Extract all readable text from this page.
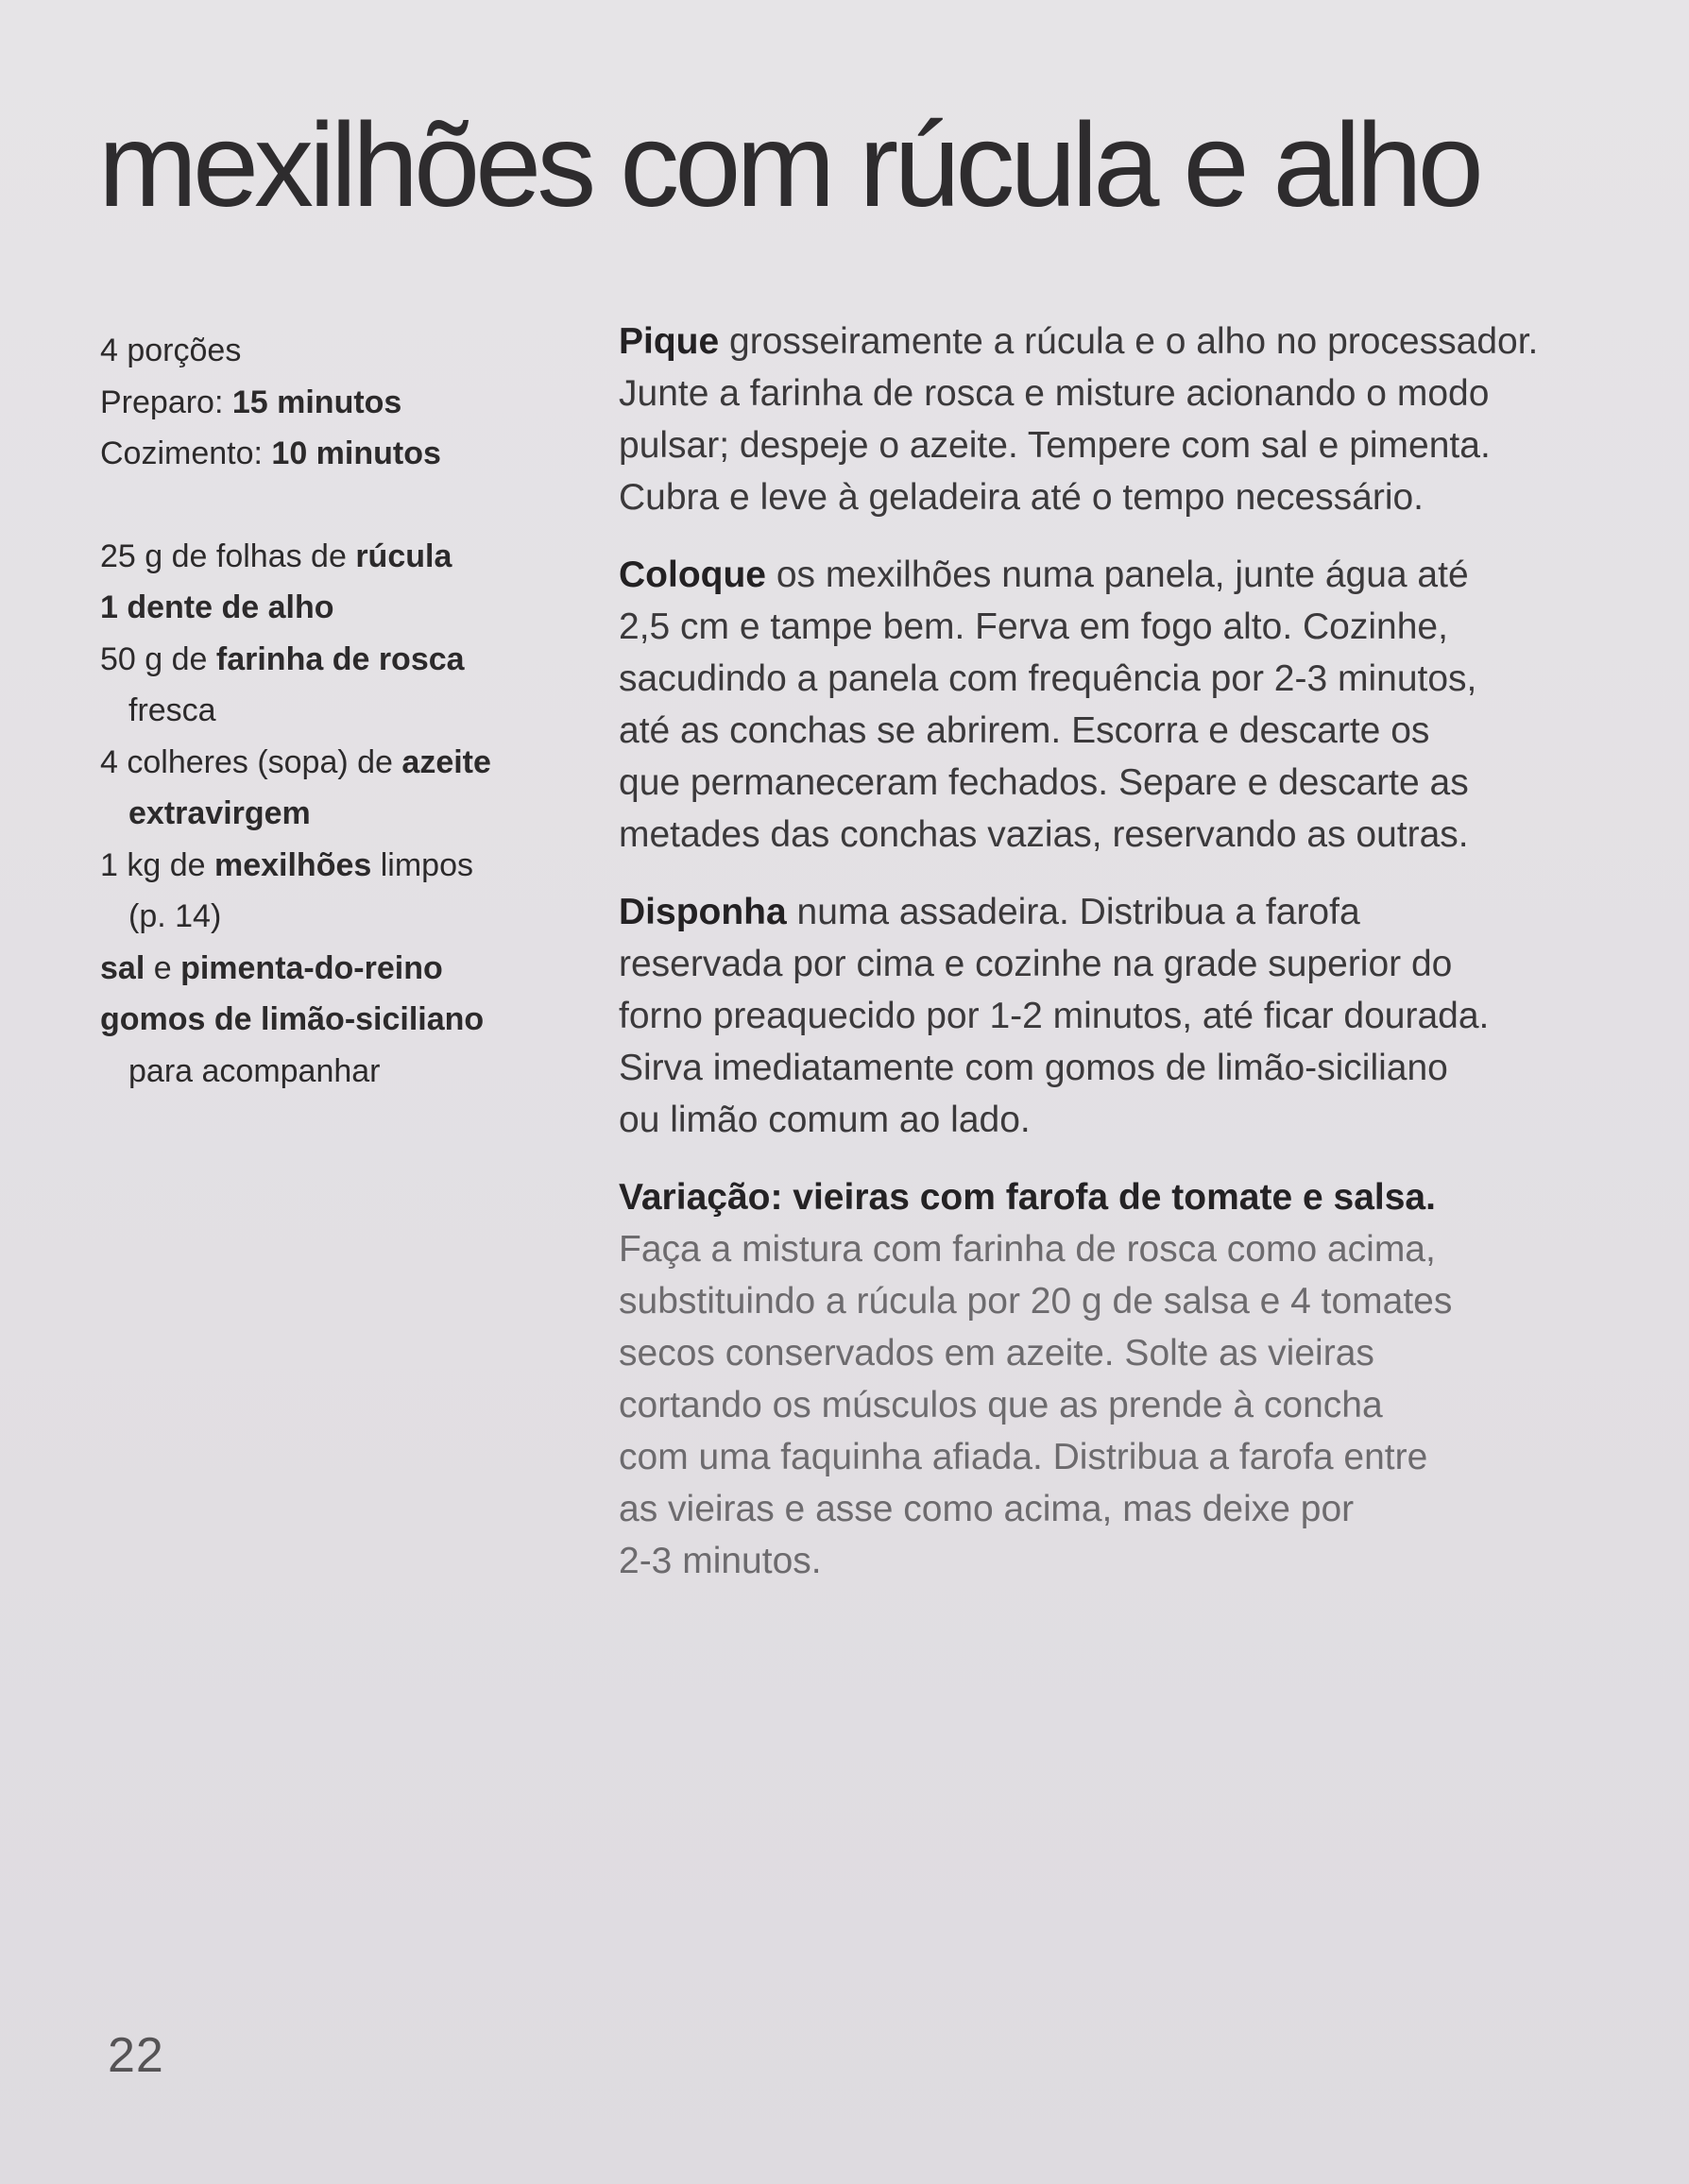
mexilhões com rúcula e alho
4 porções
Preparo: 15 minutos
Cozimento: 10 minutos
25 g de folhas de rúcula
1 dente de alho
50 g de farinha de rosca
fresca
4 colheres (sopa) de azeite
extravirgem
1 kg de mexilhões limpos
(p. 14)
sal e pimenta-do-reino
gomos de limão-siciliano
para acompanhar

Pique grosseiramente a rúcula e o alho no processador.
Junte a farinha de rosca e misture acionando o modo
pulsar; despeje o azeite. Tempere com sal e pimenta.
Cubra e leve à geladeira até o tempo necessário.

Coloque os mexilhões numa panela, junte água até
2,5 cm e tampe bem. Ferva em fogo alto. Cozinhe,
sacudindo a panela com frequência por 2-3 minutos,
até as conchas se abrirem. Escorra e descarte os
que permaneceram fechados. Separe e descarte as
metades das conchas vazias, reservando as outras.

Disponha numa assadeira. Distribua a farofa
reservada por cima e cozinhe na grade superior do
forno preaquecido por 1-2 minutos, até ficar dourada.
Sirva imediatamente com gomos de limão-siciliano
ou limão comum ao lado.

Variação: vieiras com farofa de tomate e salsa.
Faça a mistura com farinha de rosca como acima,
substituindo a rúcula por 20 g de salsa e 4 tomates
secos conservados em azeite. Solte as vieiras
cortando os músculos que as prende à concha
com uma faquinha afiada. Distribua a farofa entre
as vieiras e asse como acima, mas deixe por
2-3 minutos.

22
